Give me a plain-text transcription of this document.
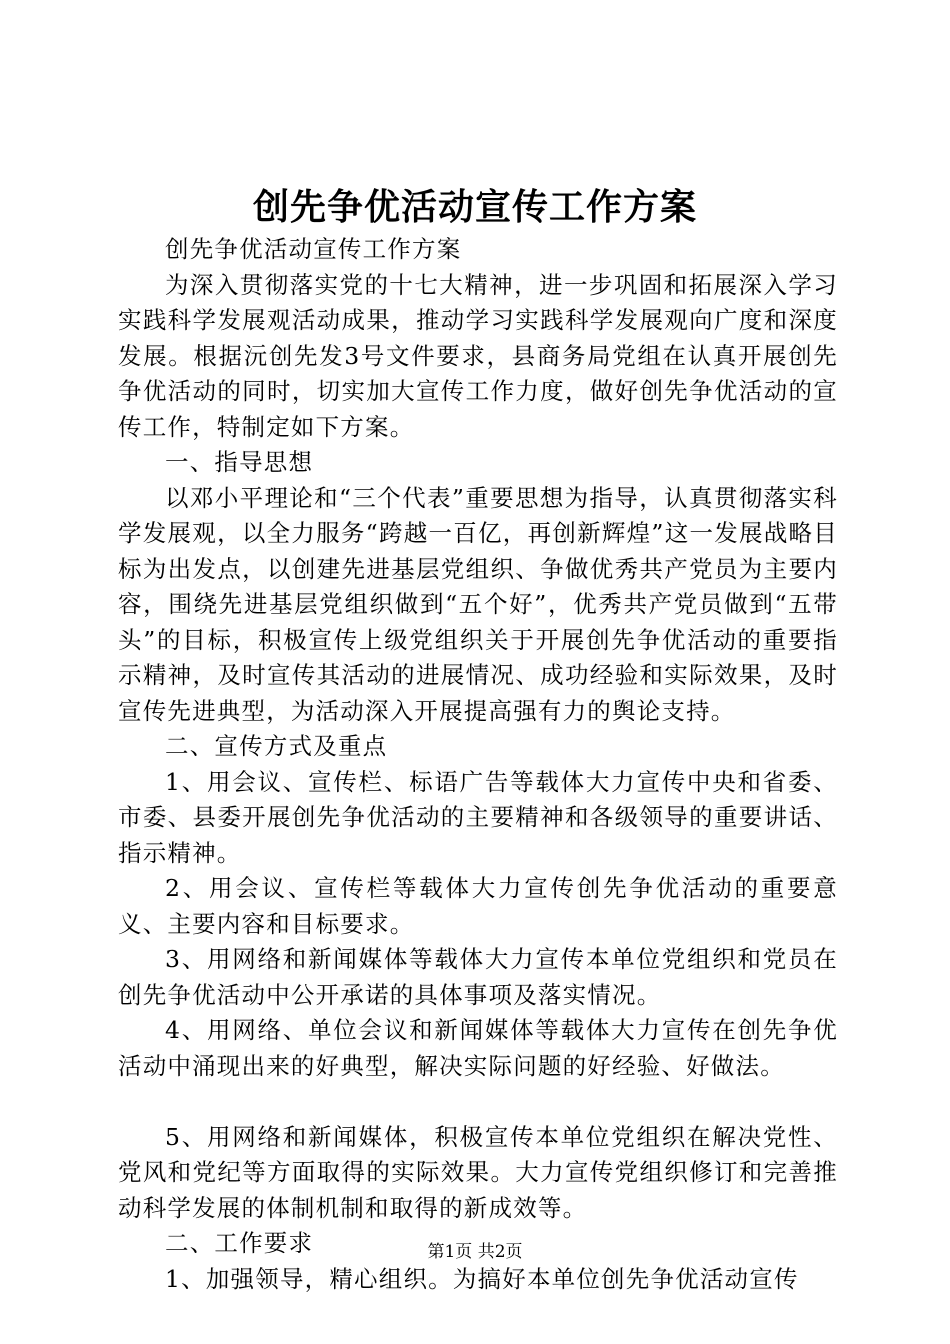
创先争优活动宣传工作方案

创先争优活动宣传工作方案

为深入贯彻落实党的十七大精神，进一步巩固和拓展深入学习实践科学发展观活动成果，推动学习实践科学发展观向广度和深度发展。根据沅创先发3号文件要求，县商务局党组在认真开展创先争优活动的同时，切实加大宣传工作力度，做好创先争优活动的宣传工作，特制定如下方案。

一、指导思想

以邓小平理论和“三个代表”重要思想为指导，认真贯彻落实科学发展观，以全力服务“跨越一百亿，再创新辉煌”这一发展战略目标为出发点，以创建先进基层党组织、争做优秀共产党员为主要内容，围绕先进基层党组织做到“五个好”，优秀共产党员做到“五带头”的目标，积极宣传上级党组织关于开展创先争优活动的重要指示精神，及时宣传其活动的进展情况、成功经验和实际效果，及时宣传先进典型，为活动深入开展提高强有力的舆论支持。

二、宣传方式及重点

1、用会议、宣传栏、标语广告等载体大力宣传中央和省委、市委、县委开展创先争优活动的主要精神和各级领导的重要讲话、指示精神。

2、用会议、宣传栏等载体大力宣传创先争优活动的重要意义、主要内容和目标要求。

3、用网络和新闻媒体等载体大力宣传本单位党组织和党员在创先争优活动中公开承诺的具体事项及落实情况。

4、用网络、单位会议和新闻媒体等载体大力宣传在创先争优活动中涌现出来的好典型，解决实际问题的好经验、好做法。

5、用网络和新闻媒体，积极宣传本单位党组织在解决党性、党风和党纪等方面取得的实际效果。大力宣传党组织修订和完善推动科学发展的体制机制和取得的新成效等。

二、工作要求

1、加强领导，精心组织。为搞好本单位创先争优活动宣传

第1页 共2页
